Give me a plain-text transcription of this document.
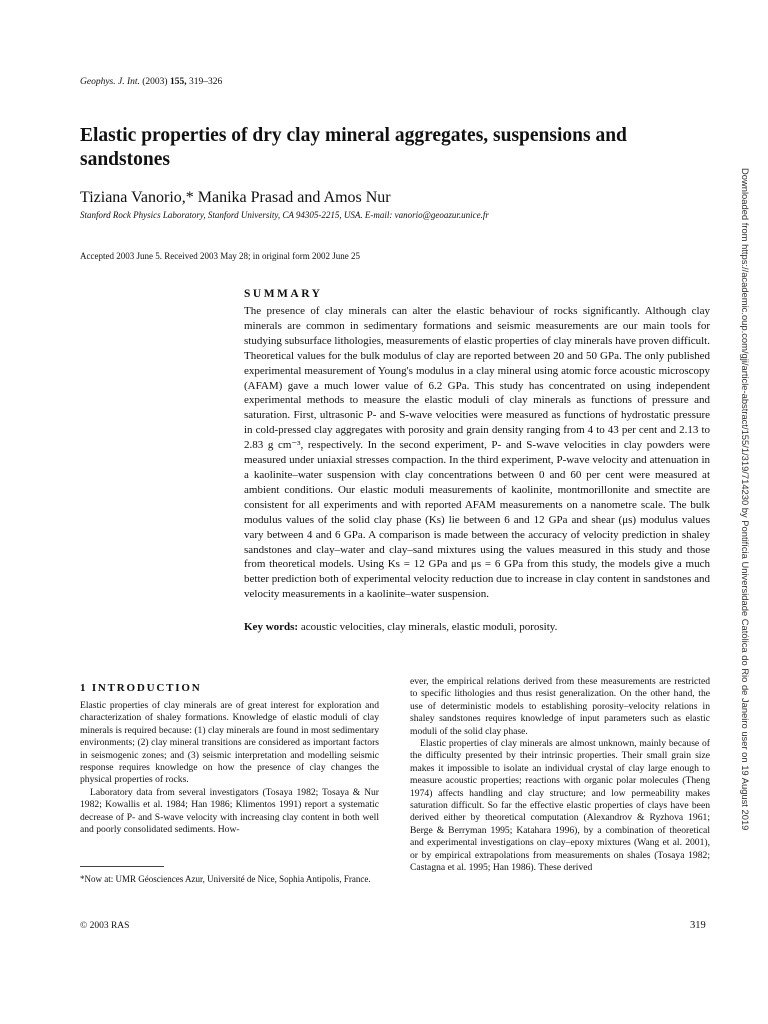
Geophys. J. Int. (2003) 155, 319–326
Elastic properties of dry clay mineral aggregates, suspensions and sandstones
Tiziana Vanorio,* Manika Prasad and Amos Nur
Stanford Rock Physics Laboratory, Stanford University, CA 94305-2215, USA. E-mail: vanorio@geoazur.unice.fr
Accepted 2003 June 5. Received 2003 May 28; in original form 2002 June 25
SUMMARY

The presence of clay minerals can alter the elastic behaviour of rocks significantly. Although clay minerals are common in sedimentary formations and seismic measurements are our main tools for studying subsurface lithologies, measurements of elastic properties of clay minerals have proven difficult. Theoretical values for the bulk modulus of clay are reported between 20 and 50 GPa. The only published experimental measurement of Young's modulus in a clay mineral using atomic force acoustic microscopy (AFAM) gave a much lower value of 6.2 GPa. This study has concentrated on using independent experimental methods to measure the elastic moduli of clay minerals as functions of pressure and saturation. First, ultrasonic P- and S-wave velocities were measured as functions of hydrostatic pressure in cold-pressed clay aggregates with porosity and grain density ranging from 4 to 43 per cent and 2.13 to 2.83 g cm⁻³, respectively. In the second experiment, P- and S-wave velocities in clay powders were measured under uniaxial stresses compaction. In the third experiment, P-wave velocity and attenuation in a kaolinite–water suspension with clay concentrations between 0 and 60 per cent were measured at ambient conditions. Our elastic moduli measurements of kaolinite, montmorillonite and smectite are consistent for all experiments and with reported AFAM measurements on a nanometre scale. The bulk modulus values of the solid clay phase (Ks) lie between 6 and 12 GPa and shear (μs) modulus values vary between 4 and 6 GPa. A comparison is made between the accuracy of velocity prediction in shaley sandstones and clay–water and clay–sand mixtures using the values measured in this study and those from theoretical models. Using Ks = 12 GPa and μs = 6 GPa from this study, the models give a much better prediction both of experimental velocity reduction due to increase in clay content in sandstones and velocity measurements in a kaolinite–water suspension.

Key words: acoustic velocities, clay minerals, elastic moduli, porosity.
1 INTRODUCTION

Elastic properties of clay minerals are of great interest for exploration and characterization of shaley formations. Knowledge of elastic moduli of clay minerals is required because: (1) clay minerals are found in most sedimentary environments; (2) clay mineral transitions are considered as important factors in seismogenic zones; and (3) seismic interpretation and modelling seismic response requires knowledge on how the presence of clay changes the physical properties of rocks.

Laboratory data from several investigators (Tosaya 1982; Tosaya & Nur 1982; Kowallis et al. 1984; Han 1986; Klimentos 1991) report a systematic decrease of P- and S-wave velocity with increasing clay content in both well and poorly consolidated sediments. How-

ever, the empirical relations derived from these measurements are restricted to specific lithologies and thus resist generalization. On the other hand, the use of deterministic models to establishing porosity–velocity relations in shaley sandstones requires knowledge of input parameters such as elastic moduli of the solid clay phase.

Elastic properties of clay minerals are almost unknown, mainly because of the difficulty presented by their intrinsic properties. Their small grain size makes it impossible to isolate an individual crystal of clay large enough to measure acoustic properties; reactions with organic polar molecules (Theng 1974) affects handling and clay structure; and low permeability makes saturation difficult. So far the effective elastic properties of clays have been derived either by theoretical computation (Alexandrov & Ryzhova 1961; Berge & Berryman 1995; Katahara 1996), by a combination of theoretical and experimental investigations on clay–epoxy mixtures (Wang et al. 2001), or by empirical extrapolations from measurements on shales (Tosaya 1982; Castagna et al. 1995; Han 1986). These derived

*Now at: UMR Géosciences Azur, Université de Nice, Sophia Antipolis, France.

© 2003 RAS	319
Downloaded from https://academic.oup.com/gji/article-abstract/155/1/319/714230 by Pontifícia Universidade Católica do Rio de Janeiro user on 19 August 2019
